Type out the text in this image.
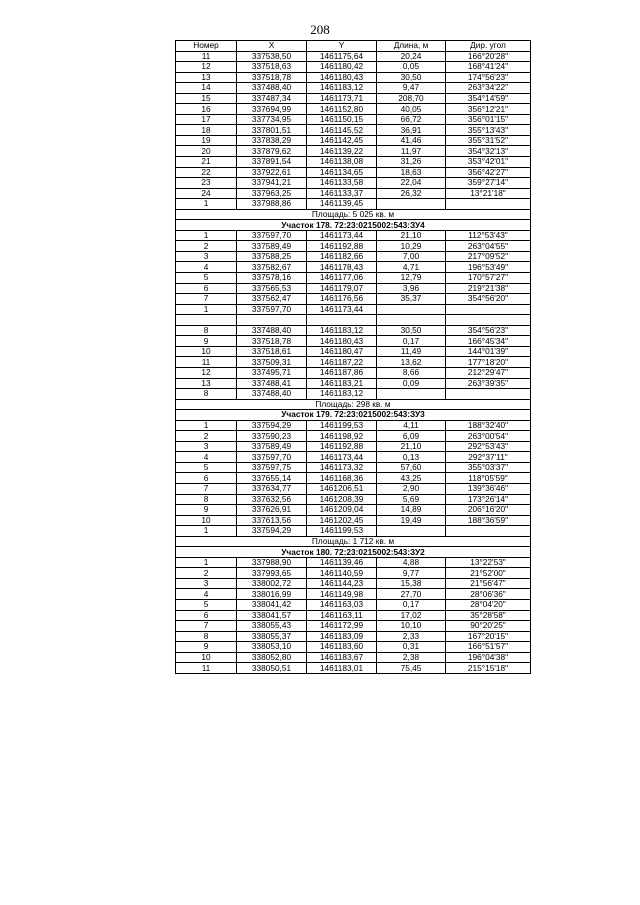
208
Номер	X	Y	Длина, м	Дир. угол
11	337538,50	1461175,64	20,24	166°20'28"
12	337518,63	1461180,42	0,05	168°41'24"
13	337518,78	1461180,43	30,50	174°56'23"
14	337488,40	1461183,12	9,47	263°34'22"
15	337487,34	1461173,71	208,70	354°14'59"
16	337694,99	1461152,80	40,05	356°12'21"
17	337734,95	1461150,15	66,72	356°01'15"
18	337801,51	1461145,52	36,91	355°13'43"
19	337838,29	1461142,45	41,46	355°31'52"
20	337879,62	1461139,22	11,97	354°32'13"
21	337891,54	1461138,08	31,26	353°42'01"
22	337922,61	1461134,65	18,63	356°42'27"
23	337941,21	1461133,58	22,04	359°27'14"
24	337963,25	1461133,37	26,32	13°21'18"
1	337988,86	1461139,45		
Площадь: 5 025 кв. м				
Участок 178. 72:23:0215002:543:ЗУ4				
1	337597,70	1461173,44	21,10	112°53'43"
2	337589,49	1461192,88	10,29	263°04'55"
3	337588,25	1461182,66	7,00	217°09'52"
4	337582,67	1461178,43	4,71	196°53'49"
5	337578,16	1461177,06	12,79	170°57'27"
6	337565,53	1461179,07	3,96	219°21'38"
7	337562,47	1461176,56	35,37	354°56'20"
1	337597,70	1461173,44		

8	337488,40	1461183,12	30,50	354°56'23"
9	337518,78	1461180,43	0,17	166°45'34"
10	337518,61	1461180,47	11,49	144°01'39"
11	337509,31	1461187,22	13,62	177°18'20"
12	337495,71	1461187,86	8,66	212°29'47"
13	337488,41	1461183,21	0,09	263°39'35"
8	337488,40	1461183,12		
Площадь: 298 кв. м				
Участок 179. 72:23:0215002:543:ЗУ3				
1	337594,29	1461199,53	4,11	188°32'40"
2	337590,23	1461198,92	6,09	263°00'54"
3	337589,49	1461192,88	21,10	292°53'43"
4	337597,70	1461173,44	0,13	292°37'11"
5	337597,75	1461173,32	57,60	355°03'37"
6	337655,14	1461168,36	43,25	118°05'59"
7	337634,77	1461206,51	2,90	139°36'46"
8	337632,56	1461208,39	5,69	173°26'14"
9	337626,91	1461209,04	14,89	206°16'20"
10	337613,56	1461202,45	19,49	188°36'59"
1	337594,29	1461199,53		
Площадь: 1 712 кв. м				
Участок 180. 72:23:0215002:543:ЗУ2				
1	337988,90	1461139,46	4,88	13°22'53"
2	337993,65	1461140,59	9,77	21°52'00"
3	338002,72	1461144,23	15,38	21°56'47"
4	338016,99	1461149,98	27,70	28°06'36"
5	338041,42	1461163,03	0,17	28°04'20"
6	338041,57	1461163,11	17,02	35°28'58"
7	338055,43	1461172,99	10,10	90°20'25"
8	338055,37	1461183,09	2,33	167°20'15"
9	338053,10	1461183,60	0,31	166°51'57"
10	338052,80	1461183,67	2,38	196°04'38"
11	338050,51	1461183,01	75,45	215°15'18"
